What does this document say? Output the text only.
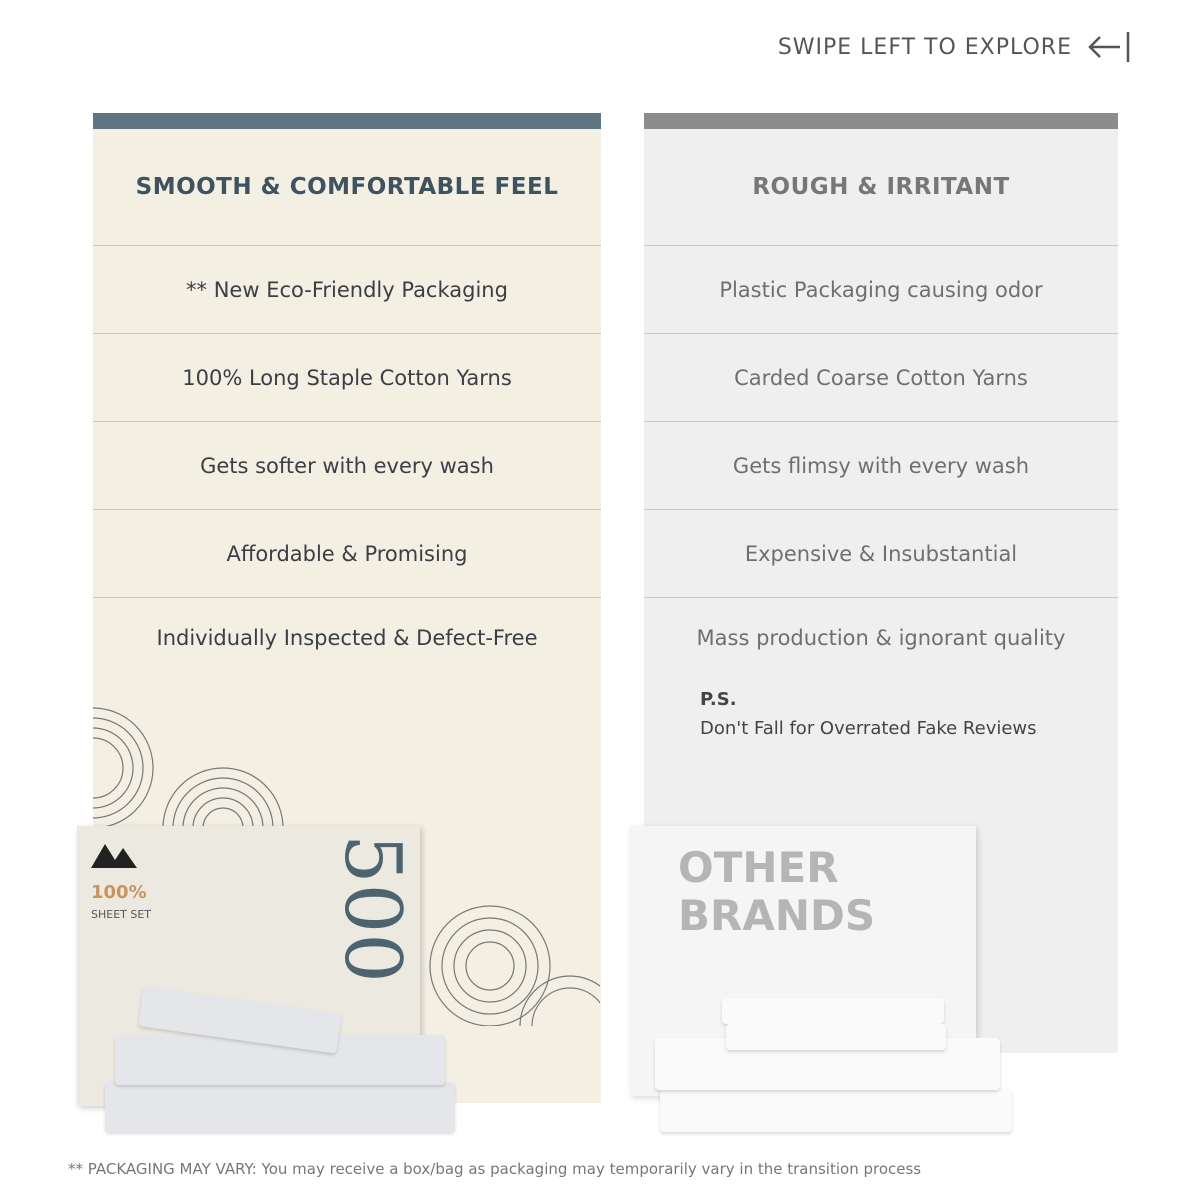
SWIPE LEFT TO EXPLORE
SMOOTH & COMFORTABLE FEEL
** New Eco-Friendly Packaging
100% Long Staple Cotton Yarns
Gets softer with every wash
Affordable & Promising
Individually Inspected & Defect-Free
ROUGH & IRRITANT
Plastic Packaging causing odor
Carded Coarse Cotton Yarns
Gets flimsy with every wash
Expensive & Insubstantial
Mass production & ignorant quality
P.S.
Don't Fall for Overrated Fake Reviews
100%
SHEET SET 500	OTHER BRANDS
** PACKAGING MAY VARY: You may receive a box/bag as packaging may temporarily vary in the transition process
